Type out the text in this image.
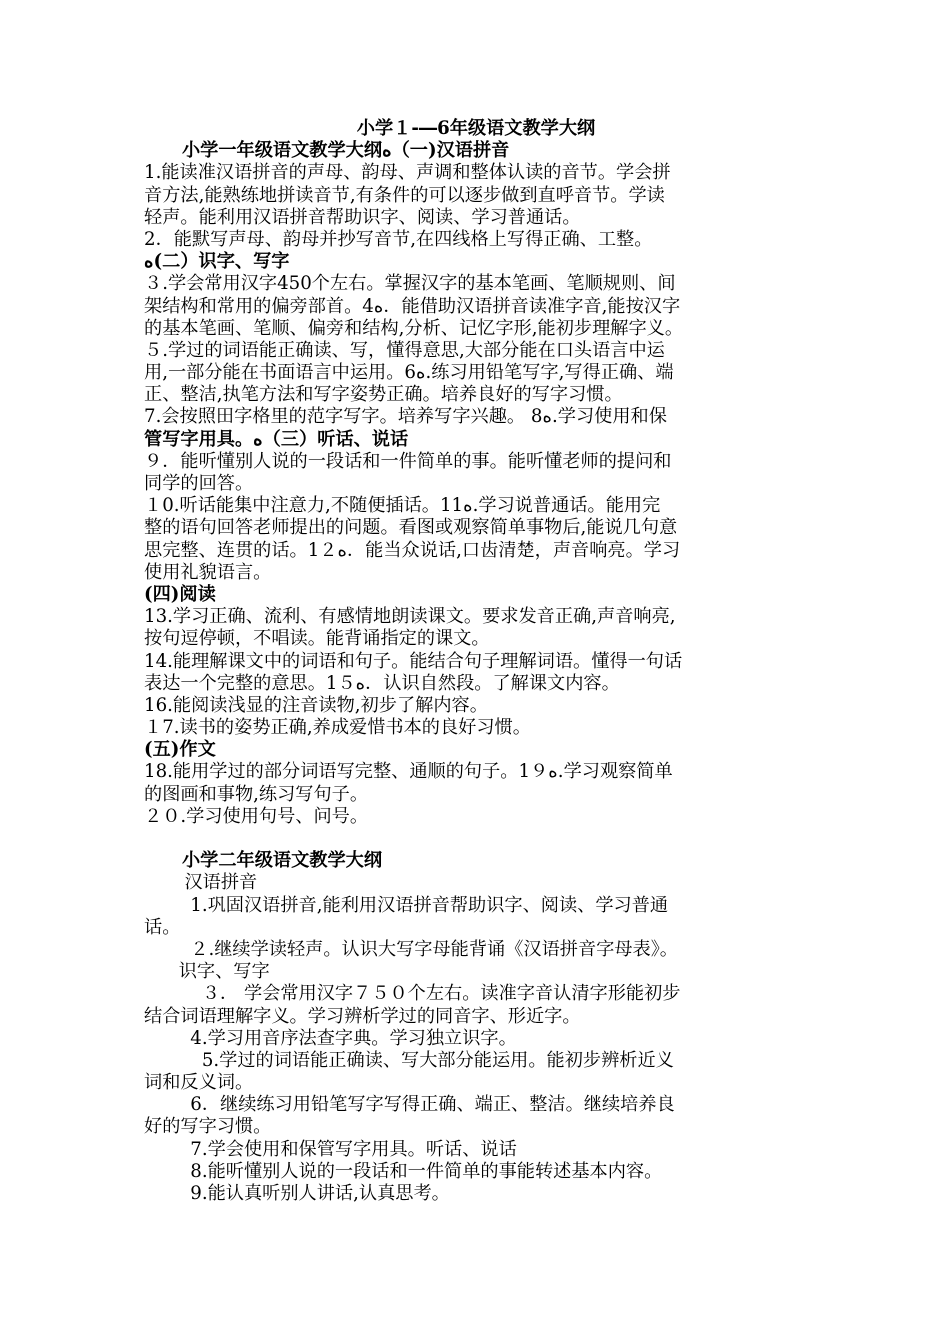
小学１-―6年级语文教学大纲
小学一年级语文教学大纲ﻩ（一)汉语拼音
1.能读准汉语拼音的声母、韵母、声调和整体认读的音节。学会拼
音方法,能熟练地拼读音节,有条件的可以逐步做到直呼音节。学读
轻声。能利用汉语拼音帮助识字、阅读、学习普通话。
2．能默写声母、韵母并抄写音节,在四线格上写得正确、工整。
ﻩ(二）识字、写字
３.学会常用汉字450个左右。掌握汉字的基本笔画、笔顺规则、间
架结构和常用的偏旁部首。4ﻩ．能借助汉语拼音读准字音,能按汉字
的基本笔画、笔顺、偏旁和结构,分析、记忆字形,能初步理解字义。
５.学过的词语能正确读、写，懂得意思,大部分能在口头语言中运
用,一部分能在书面语言中运用。6ﻩ.练习用铅笔写字,写得正确、端
正、整洁,执笔方法和写字姿势正确。培养良好的写字习惯。
7.会按照田字格里的范字写字。培养写字兴趣。 8ﻩ.学习使用和保
管写字用具。ﻩ（三）听话、说话
９．能听懂别人说的一段话和一件简单的事。能听懂老师的提问和
同学的回答。
１0.听话能集中注意力,不随便插话。11ﻩ.学习说普通话。能用完
整的语句回答老师提出的问题。看图或观察简单事物后,能说几句意
思完整、连贯的话。1２ﻩ．能当众说话,口齿清楚，声音响亮。学习
使用礼貌语言。
(四)阅读
13.学习正确、流利、有感情地朗读课文。要求发音正确,声音响亮,
按句逗停顿，不唱读。能背诵指定的课文。
14.能理解课文中的词语和句子。能结合句子理解词语。懂得一句话
表达一个完整的意思。1５ﻩ．认识自然段。了解课文内容。
16.能阅读浅显的注音读物,初步了解内容。
１7.读书的姿势正确,养成爱惜书本的良好习惯。
(五)作文
18.能用学过的部分词语写完整、通顺的句子。1９ﻩ.学习观察简单
的图画和事物,练习写句子。
２０.学习使用句号、问号。
小学二年级语文教学大纲
汉语拼音
1.巩固汉语拼音,能利用汉语拼音帮助识字、阅读、学习普通
话。
２.继续学读轻声。认识大写字母能背诵《汉语拼音字母表》。
识字、写字
３． 学会常用汉字７５０个左右。读准字音认清字形能初步
结合词语理解字义。学习辨析学过的同音字、形近字。
4.学习用音序法查字典。学习独立识字。
5.学过的词语能正确读、写大部分能运用。能初步辨析近义
词和反义词。
6．继续练习用铅笔写字写得正确、端正、整洁。继续培养良
好的写字习惯。
7.学会使用和保管写字用具。听话、说话
8.能听懂别人说的一段话和一件简单的事能转述基本内容。
9.能认真听别人讲话,认真思考。
